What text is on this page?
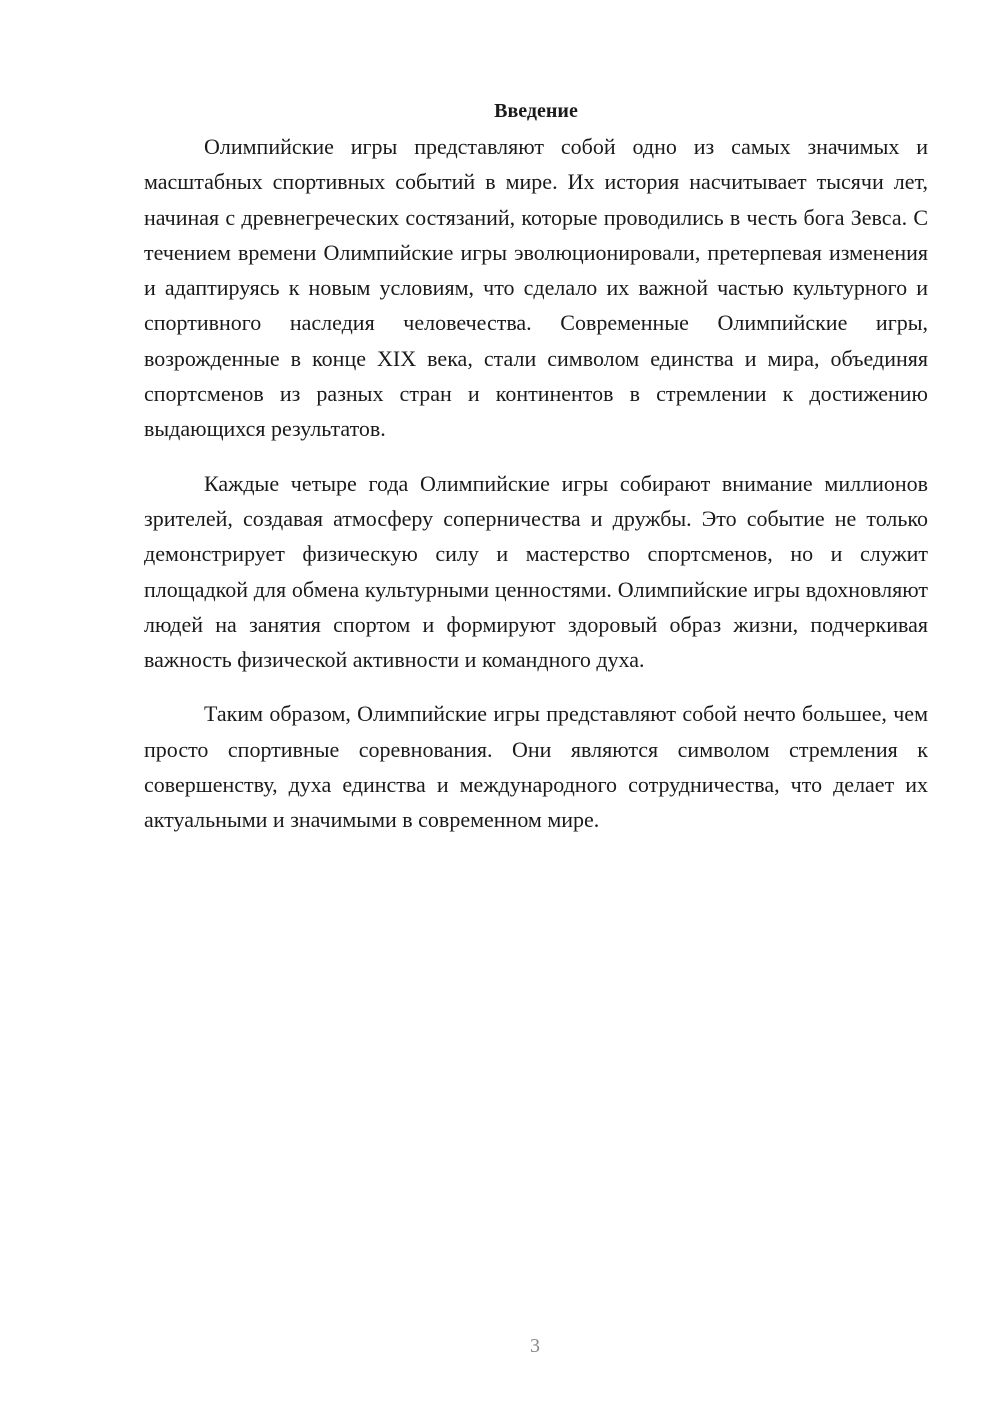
Введение

Олимпийские игры представляют собой одно из самых значимых и масштабных спортивных событий в мире. Их история насчитывает тысячи лет, начиная с древнегреческих состязаний, которые проводились в честь бога Зевса. С течением времени Олимпийские игры эволюционировали, претерпевая изменения и адаптируясь к новым условиям, что сделало их важной частью культурного и спортивного наследия человечества. Современные Олимпийские игры, возрожденные в конце XIX века, стали символом единства и мира, объединяя спортсменов из разных стран и континентов в стремлении к достижению выдающихся результатов.

Каждые четыре года Олимпийские игры собирают внимание миллионов зрителей, создавая атмосферу соперничества и дружбы. Это событие не только демонстрирует физическую силу и мастерство спортсменов, но и служит площадкой для обмена культурными ценностями. Олимпийские игры вдохновляют людей на занятия спортом и формируют здоровый образ жизни, подчеркивая важность физической активности и командного духа.

Таким образом, Олимпийские игры представляют собой нечто большее, чем просто спортивные соревнования. Они являются символом стремления к совершенству, духа единства и международного сотрудничества, что делает их актуальными и значимыми в современном мире.

3
